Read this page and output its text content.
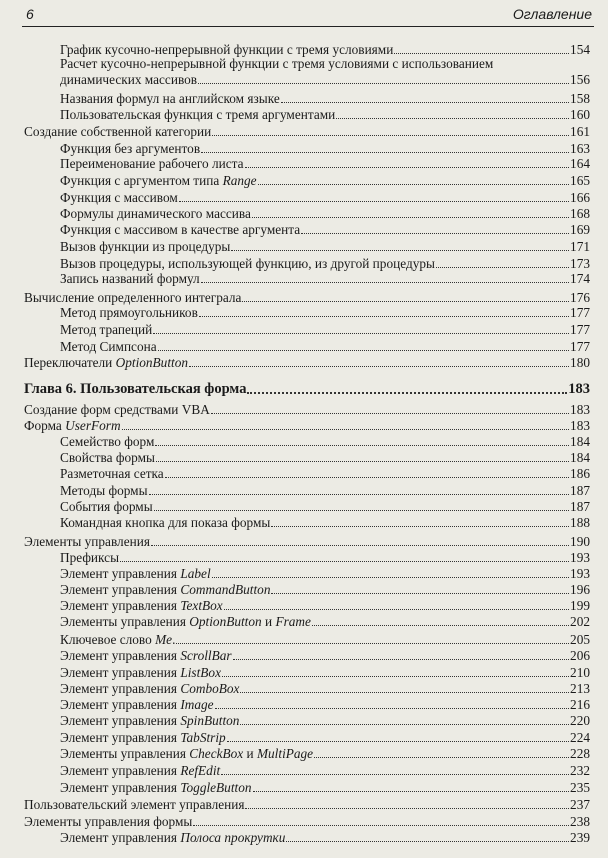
6	Оглавление
График кусочно-непрерывной функции с тремя условиями	154
Расчет кусочно-непрерывной функции с тремя условиями с использованием
динамических массивов	156
Названия формул на английском языке	158
Пользовательская функция с тремя аргументами	160
Создание собственной категории	161
Функция без аргументов	163
Переименование рабочего листа	164
Функция с аргументом типа Range	165
Функция с массивом	166
Формулы динамического массива	168
Функция с массивом в качестве аргумента	169
Вызов функции из процедуры	171
Вызов процедуры, использующей функцию, из другой процедуры	173
Запись названий формул	174
Вычисление определенного интеграла	176
Метод прямоугольников	177
Метод трапеций	177
Метод Симпсона	177
Переключатели OptionButton	180
Глава 6. Пользовательская форма	183
Создание форм средствами VBA	183
Форма UserForm	183
Семейство форм	184
Свойства формы	184
Разметочная сетка	186
Методы формы	187
События формы	187
Командная кнопка для показа формы	188
Элементы управления	190
Префиксы	193
Элемент управления Label	193
Элемент управления CommandButton	196
Элемент управления TextBox	199
Элементы управления OptionButton и Frame	202
Ключевое слово Me.	205
Элемент управления ScrollBar	206
Элемент управления ListBox	210
Элемент управления ComboBox	213
Элемент управления Image	216
Элемент управления SpinButton	220
Элемент управления TabStrip	224
Элементы управления CheckBox и MultiPage	228
Элемент управления RefEdit	232
Элемент управления ToggleButton	235
Пользовательский элемент управления	237
Элементы управления формы	238
Элемент управления Полоса прокрутки	239
